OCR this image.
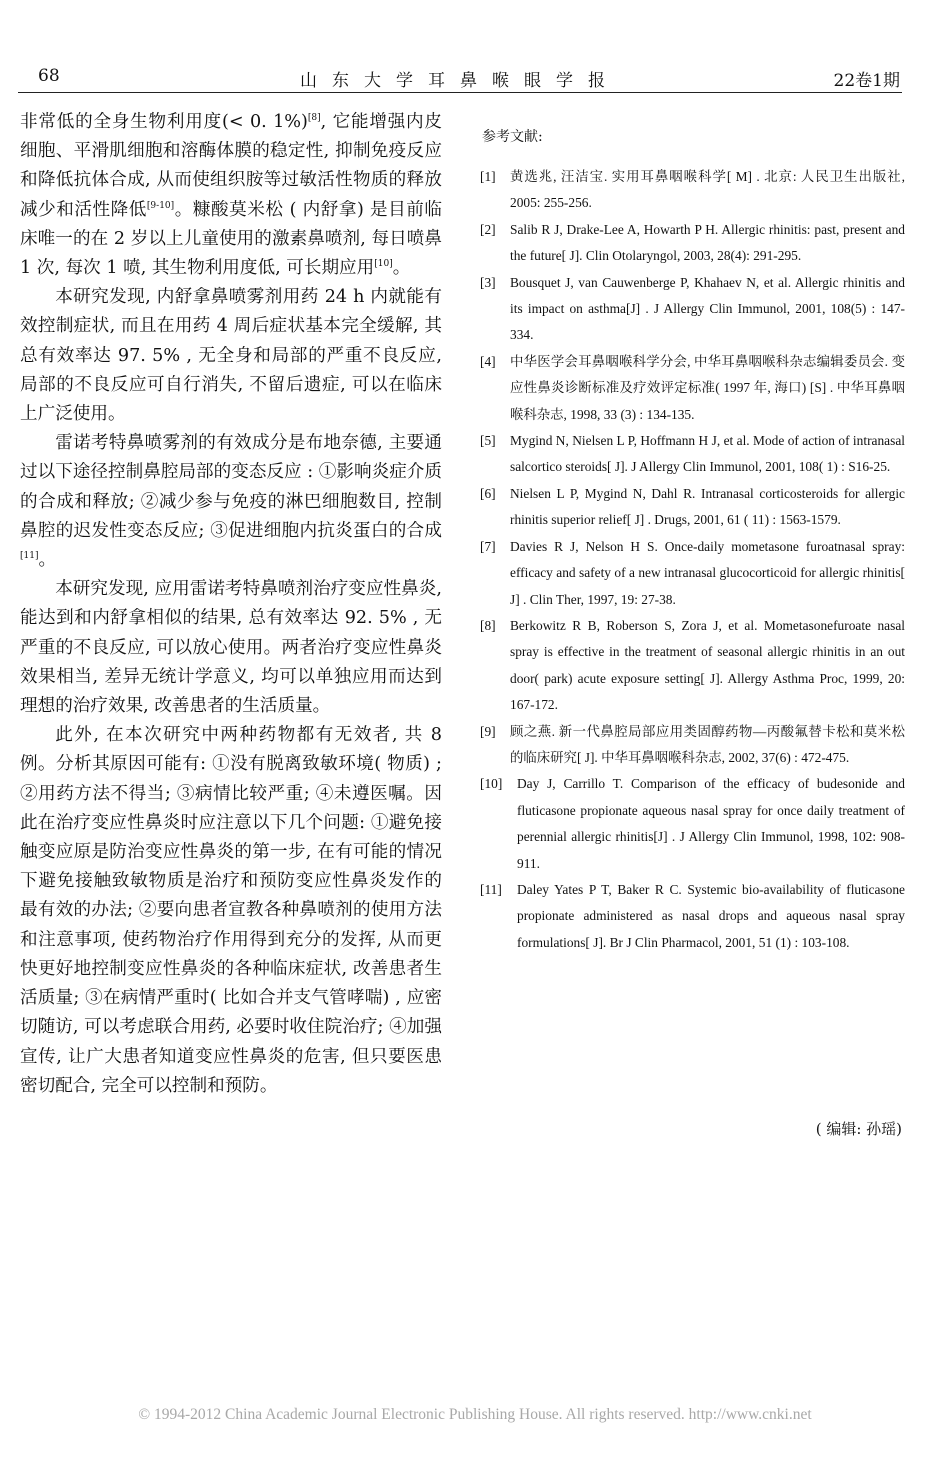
68	山东大学耳鼻喉眼学报	22卷1期

非常低的全身生物利用度(< 0. 1%)[8], 它能增强内皮细胞、平滑肌细胞和溶酶体膜的稳定性, 抑制免疫反应和降低抗体合成, 从而使组织胺等过敏活性物质的释放减少和活性降低[9-10]。糠酸莫米松 ( 内舒拿) 是目前临床唯一的在 2 岁以上儿童使用的激素鼻喷剂, 每日喷鼻 1 次, 每次 1 喷, 其生物利用度低, 可长期应用[10]。

本研究发现, 内舒拿鼻喷雾剂用药 24 h 内就能有效控制症状, 而且在用药 4 周后症状基本完全缓解, 其总有效率达 97. 5% , 无全身和局部的严重不良反应, 局部的不良反应可自行消失, 不留后遗症, 可以在临床上广泛使用。

雷诺考特鼻喷雾剂的有效成分是布地奈德, 主要通过以下途径控制鼻腔局部的变态反应 : ①影响炎症介质的合成和释放; ②减少参与免疫的淋巴细胞数目, 控制鼻腔的迟发性变态反应; ③促进细胞内抗炎蛋白的合成[11]。

本研究发现, 应用雷诺考特鼻喷剂治疗变应性鼻炎, 能达到和内舒拿相似的结果, 总有效率达 92. 5% , 无严重的不良反应, 可以放心使用。两者治疗变应性鼻炎效果相当, 差异无统计学意义, 均可以单独应用而达到理想的治疗效果, 改善患者的生活质量。

此外, 在本次研究中两种药物都有无效者, 共 8 例。分析其原因可能有: ①没有脱离致敏环境( 物质) ; ②用药方法不得当; ③病情比较严重; ④未遵医嘱。因此在治疗变应性鼻炎时应注意以下几个问题: ①避免接触变应原是防治变应性鼻炎的第一步, 在有可能的情况下避免接触致敏物质是治疗和预防变应性鼻炎发作的最有效的办法; ②要向患者宣教各种鼻喷剂的使用方法和注意事项, 使药物治疗作用得到充分的发挥, 从而更快更好地控制变应性鼻炎的各种临床症状, 改善患者生活质量; ③在病情严重时( 比如合并支气管哮喘) , 应密切随访, 可以考虑联合用药, 必要时收住院治疗; ④加强宣传, 让广大患者知道变应性鼻炎的危害, 但只要医患密切配合, 完全可以控制和预防。

参考文献:
[1]	黄选兆, 汪洁宝. 实用耳鼻咽喉科学[ M] . 北京: 人民卫生出版社, 2005: 255-256.
[2]	Salib R J, Drake-Lee A, Howarth P H. Allergic rhinitis: past, present and the future[ J]. Clin Otolaryngol, 2003, 28(4): 291-295.
[3]	Bousquet J, van Cauwenberge P, Khahaev N, et al. Allergic rhinitis and its impact on asthma[J] . J Allergy Clin Immunol, 2001, 108(5) : 147-334.
[4]	中华医学会耳鼻咽喉科学分会, 中华耳鼻咽喉科杂志编辑委员会. 变应性鼻炎诊断标准及疗效评定标准( 1997 年, 海口) [S] . 中华耳鼻咽喉科杂志, 1998, 33 (3) : 134-135.
[5]	Mygind N, Nielsen L P, Hoffmann H J, et al. Mode of action of intranasal salcortico steroids[ J]. J Allergy Clin Immunol, 2001, 108( 1) : S16-25.
[6]	Nielsen L P, Mygind N, Dahl R. Intranasal corticosteroids for allergic rhinitis superior relief[ J] . Drugs, 2001, 61 ( 11) : 1563-1579.
[7]	Davies R J, Nelson H S. Once-daily mometasone furoatnasal spray: efficacy and safety of a new intranasal glucocorticoid for allergic rhinitis[ J] . Clin Ther, 1997, 19: 27-38.
[8]	Berkowitz R B, Roberson S, Zora J, et al. Mometasonefuroate nasal spray is effective in the treatment of seasonal allergic rhinitis in an out door( park) acute exposure setting[ J]. Allergy Asthma Proc, 1999, 20: 167-172.
[9]	顾之燕. 新一代鼻腔局部应用类固醇药物—丙酸氟替卡松和莫米松的临床研究[ J]. 中华耳鼻咽喉科杂志, 2002, 37(6) : 472-475.
[10]	Day J, Carrillo T. Comparison of the efficacy of budesonide and fluticasone propionate aqueous nasal spray for once daily treatment of perennial allergic rhinitis[J] . J Allergy Clin Immunol, 1998, 102: 908-911.
[11]	Daley Yates P T, Baker R C. Systemic bio-availability of fluticasone propionate administered as nasal drops and aqueous nasal spray formulations[ J]. Br J Clin Pharmacol, 2001, 51 (1) : 103-108.
( 编辑: 孙瑶)
© 1994-2012 China Academic Journal Electronic Publishing House. All rights reserved. http://www.cnki.net
